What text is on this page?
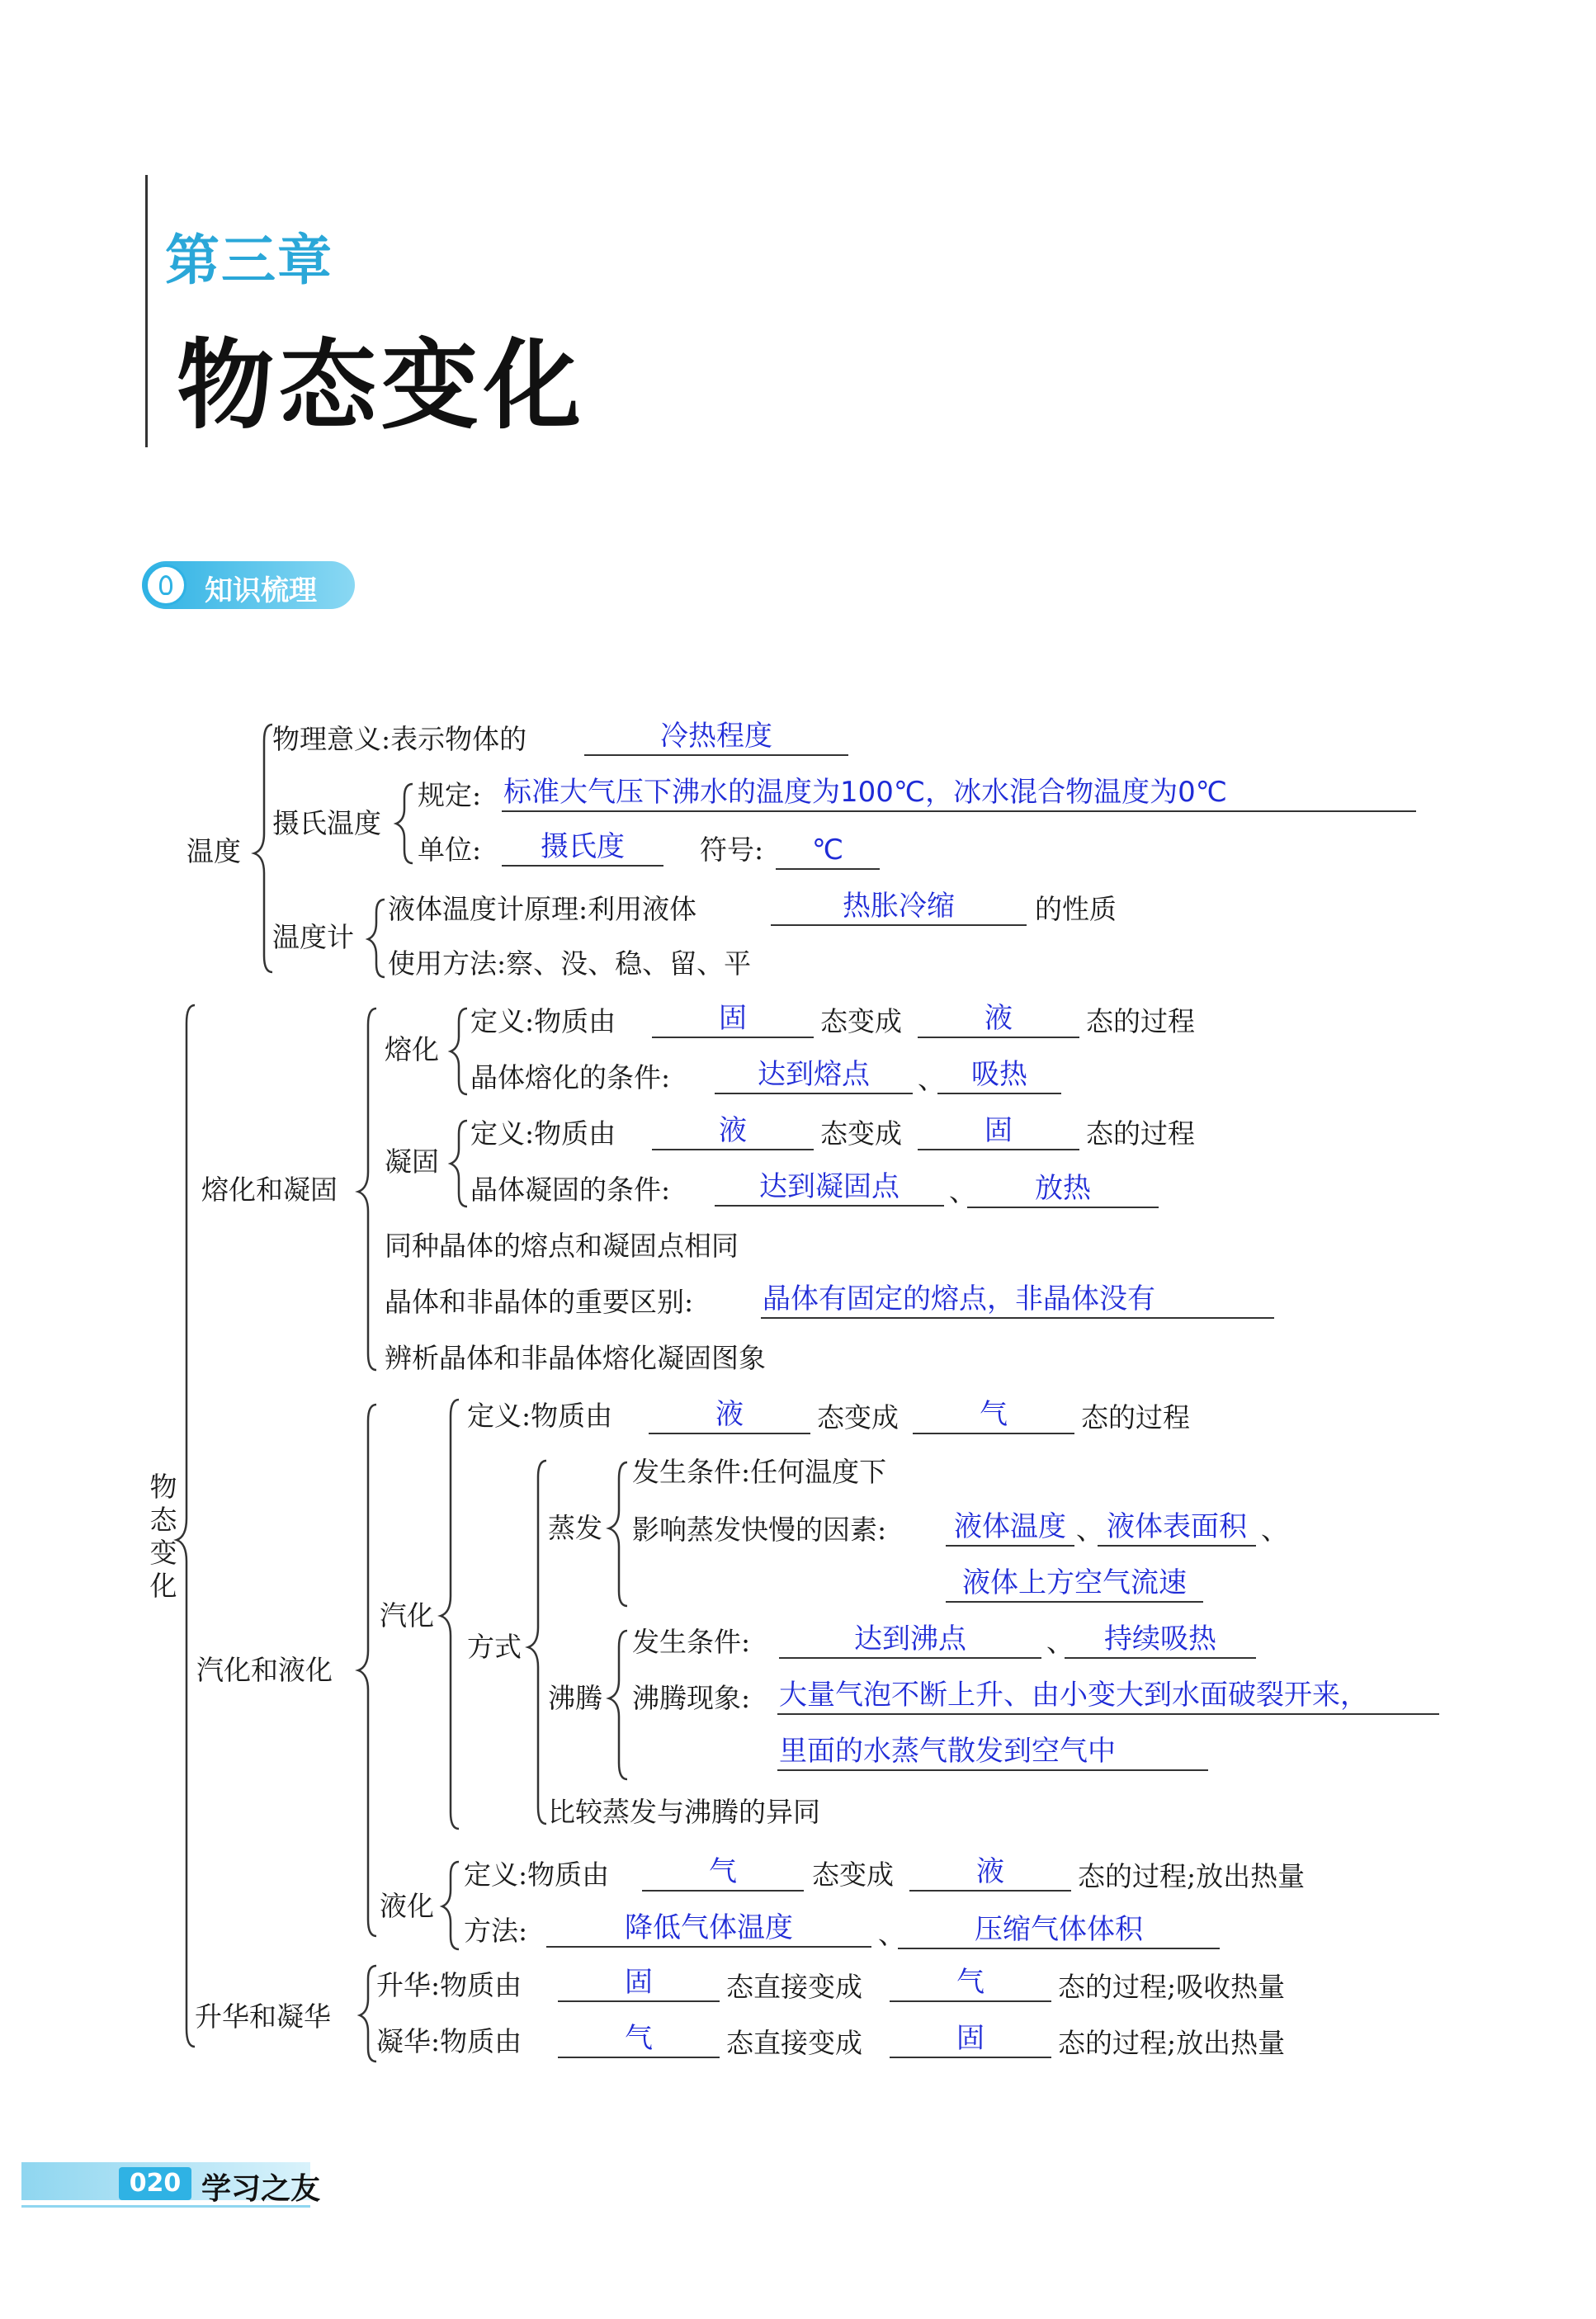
第三章
物态变化
知识梳理
物
态
变
化
温度
物理意义:表示物体的	冷热程度
摄氏温度
规定: 标准大气压下沸水的温度为100℃，冰水混合物温度为0℃
单位:	摄氏度	符号:	℃
温度计
液体温度计原理:利用液体	热胀冷缩	的性质
使用方法:察、没、稳、留、平
熔化和凝固
熔化
定义:物质由	固	态变成	液	态的过程
晶体熔化的条件:	达到熔点	、 吸热
凝固
定义:物质由	液	态变成	固	态的过程
晶体凝固的条件:	达到凝固点	、	放热
同种晶体的熔点和凝固点相同
晶体和非晶体的重要区别: 晶体有固定的熔点，非晶体没有
辨析晶体和非晶体熔化凝固图象
汽化和液化
汽化
定义:物质由	液	态变成	气	态的过程
方式
蒸发
发生条件:任何温度下
影响蒸发快慢的因素: 液体温度 、 液体表面积 、
液体上方空气流速
沸腾
发生条件:	达到沸点	、	持续吸热
沸腾现象: 大量气泡不断上升、由小变大到水面破裂开来，
里面的水蒸气散发到空气中
比较蒸发与沸腾的异同
液化
定义:物质由	气	态变成	液	态的过程;放出热量
方法:	降低气体温度	、	压缩气体体积
升华和凝华
升华:物质由	固	态直接变成	气	态的过程;吸收热量
凝华:物质由	气	态直接变成	固	态的过程;放出热量
020 学习之友
